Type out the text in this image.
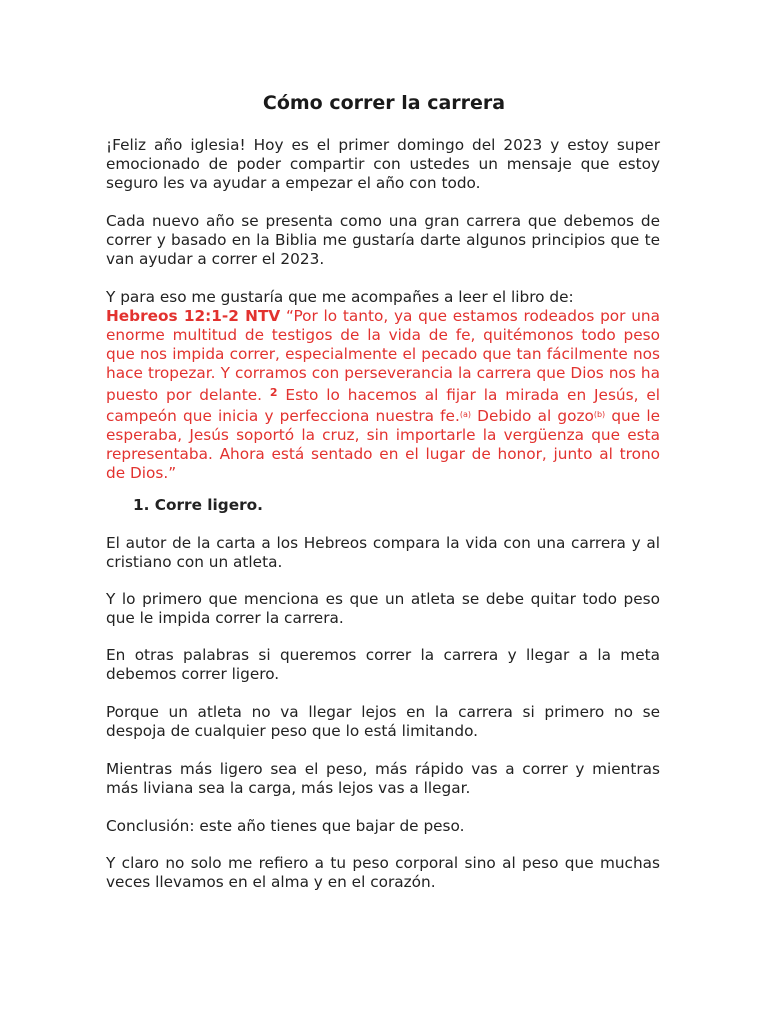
Cómo correr la carrera

¡Feliz año iglesia! Hoy es el primer domingo del 2023 y estoy super emocionado de poder compartir con ustedes un mensaje que estoy seguro les va ayudar a empezar el año con todo.

Cada nuevo año se presenta como una gran carrera que debemos de correr y basado en la Biblia me gustaría darte algunos principios que te van ayudar a correr el 2023.

Y para eso me gustaría que me acompañes a leer el libro de:
Hebreos 12:1-2 NTV “Por lo tanto, ya que estamos rodeados por una enorme multitud de testigos de la vida de fe, quitémonos todo peso que nos impida correr, especialmente el pecado que tan fácilmente nos hace tropezar. Y corramos con perseverancia la carrera que Dios nos ha puesto por delante. $^2$ Esto lo hacemos al fijar la mirada en Jesús, el campeón que inicia y perfecciona nuestra fe.$^{(a)}$ Debido al gozo$^{(b)}$ que le esperaba, Jesús soportó la cruz, sin importarle la vergüenza que esta representaba. Ahora está sentado en el lugar de honor, junto al trono de Dios.”

1. Corre ligero.

El autor de la carta a los Hebreos compara la vida con una carrera y al cristiano con un atleta.

Y lo primero que menciona es que un atleta se debe quitar todo peso que le impida correr la carrera.

En otras palabras si queremos correr la carrera y llegar a la meta debemos correr ligero.

Porque un atleta no va llegar lejos en la carrera si primero no se despoja de cualquier peso que lo está limitando.

Mientras más ligero sea el peso, más rápido vas a correr y mientras más liviana sea la carga, más lejos vas a llegar.

Conclusión: este año tienes que bajar de peso.

Y claro no solo me refiero a tu peso corporal sino al peso que muchas veces llevamos en el alma y en el corazón.
